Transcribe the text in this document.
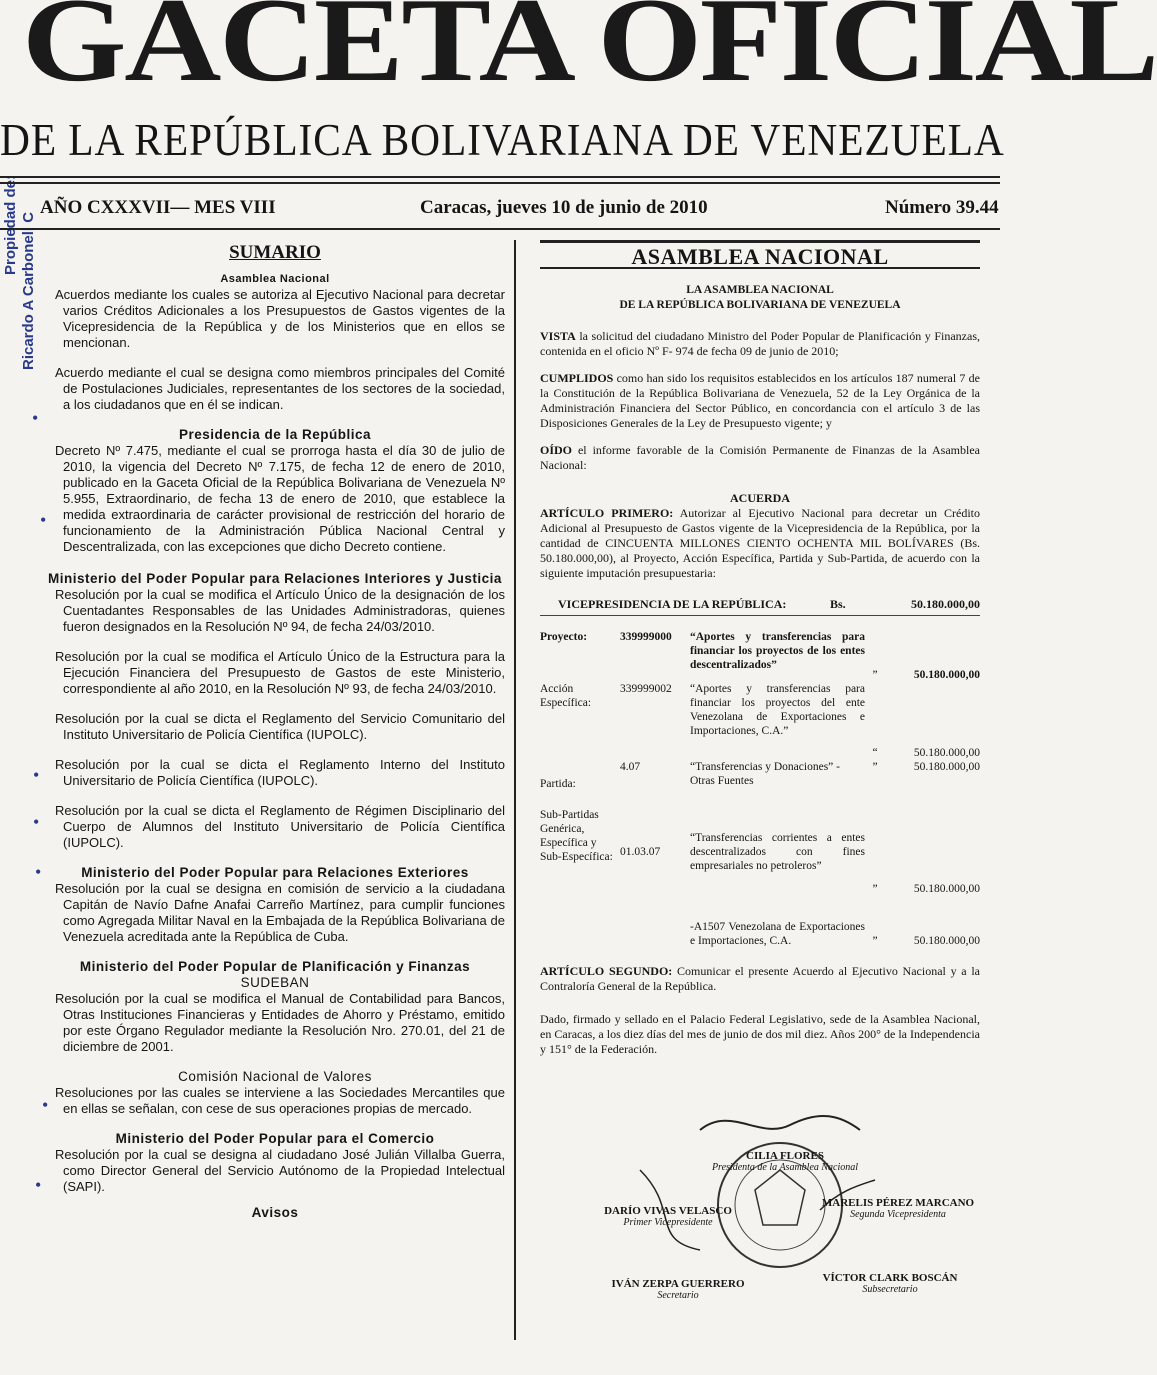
Propiedad de: Ricardo A Carbonell C
GACETA OFICIAL
DE LA REPÚBLICA BOLIVARIANA DE VENEZUELA
AÑO CXXXVII— MES VIII	Caracas, jueves 10 de junio de 2010	Número 39.44
SUMARIO
Asamblea Nacional
Acuerdos mediante los cuales se autoriza al Ejecutivo Nacional para decretar varios Créditos Adicionales a los Presupuestos de Gastos vigentes de la Vicepresidencia de la República y de los Ministerios que en ellos se mencionan.
Acuerdo mediante el cual se designa como miembros principales del Comité de Postulaciones Judiciales, representantes de los sectores de la sociedad, a los ciudadanos que en él se indican.
Presidencia de la República
Decreto Nº 7.475, mediante el cual se prorroga hasta el día 30 de julio de 2010, la vigencia del Decreto Nº 7.175, de fecha 12 de enero de 2010, publicado en la Gaceta Oficial de la República Bolivariana de Venezuela Nº 5.955, Extraordinario, de fecha 13 de enero de 2010, que establece la medida extraordinaria de carácter provisional de restricción del horario de funcionamiento de la Administración Pública Nacional Central y Descentralizada, con las excepciones que dicho Decreto contiene.
Ministerio del Poder Popular para Relaciones Interiores y Justicia
Resolución por la cual se modifica el Artículo Único de la designación de los Cuentadantes Responsables de las Unidades Administradoras, quienes fueron designados en la Resolución Nº 94, de fecha 24/03/2010.
Resolución por la cual se modifica el Artículo Único de la Estructura para la Ejecución Financiera del Presupuesto de Gastos de este Ministerio, correspondiente al año 2010, en la Resolución Nº 93, de fecha 24/03/2010.
Resolución por la cual se dicta el Reglamento del Servicio Comunitario del Instituto Universitario de Policía Científica (IUPOLC).
Resolución por la cual se dicta el Reglamento Interno del Instituto Universitario de Policía Científica (IUPOLC).
Resolución por la cual se dicta el Reglamento de Régimen Disciplinario del Cuerpo de Alumnos del Instituto Universitario de Policía Científica (IUPOLC).
Ministerio del Poder Popular para Relaciones Exteriores
Resolución por la cual se designa en comisión de servicio a la ciudadana Capitán de Navío Dafne Anafai Carreño Martínez, para cumplir funciones como Agregada Militar Naval en la Embajada de la República Bolivariana de Venezuela acreditada ante la República de Cuba.
Ministerio del Poder Popular de Planificación y Finanzas
SUDEBAN
Resolución por la cual se modifica el Manual de Contabilidad para Bancos, Otras Instituciones Financieras y Entidades de Ahorro y Préstamo, emitido por este Órgano Regulador mediante la Resolución Nro. 270.01, del 21 de diciembre de 2001.
Comisión Nacional de Valores
Resoluciones por las cuales se interviene a las Sociedades Mercantiles que en ellas se señalan, con cese de sus operaciones propias de mercado.
Ministerio del Poder Popular para el Comercio
Resolución por la cual se designa al ciudadano José Julián Villalba Guerra, como Director General del Servicio Autónomo de la Propiedad Intelectual (SAPI).
Avisos
•
•
•
•
•
•
•
ASAMBLEA NACIONAL
LA ASAMBLEA NACIONAL
DE LA REPÚBLICA BOLIVARIANA DE VENEZUELA

VISTA la solicitud del ciudadano Ministro del Poder Popular de Planificación y Finanzas, contenida en el oficio Nº F- 974 de fecha 09 de junio de 2010;

CUMPLIDOS como han sido los requisitos establecidos en los artículos 187 numeral 7 de la Constitución de la República Bolivariana de Venezuela, 52 de la Ley Orgánica de la Administración Financiera del Sector Público, en concordancia con el artículo 3 de las Disposiciones Generales de la Ley de Presupuesto vigente; y

OÍDO el informe favorable de la Comisión Permanente de Finanzas de la Asamblea Nacional:

ACUERDA

ARTÍCULO PRIMERO: Autorizar al Ejecutivo Nacional para decretar un Crédito Adicional al Presupuesto de Gastos vigente de la Vicepresidencia de la República, por la cantidad de CINCUENTA MILLONES CIENTO OCHENTA MIL BOLÍVARES (Bs. 50.180.000,00), al Proyecto, Acción Específica, Partida y Sub-Partida, de acuerdo con la siguiente imputación presupuestaria:

VICEPRESIDENCIA DE LA REPÚBLICA:	Bs.	50.180.000,00
Proyecto:	339999000	“Aportes y transferencias para financiar los proyectos de los entes descentralizados”	”	50.180.000,00
Acción Específica:	339999002	“Aportes y transferencias para financiar los proyectos del ente Venezolana de Exportaciones e Importaciones, C.A.”	“	50.180.000,00
Partida:	4.07	“Transferencias y Donaciones” - Otras Fuentes	”	50.180.000,00
Sub-Partidas Genérica, Específica y Sub-Específica:	01.03.07	“Transferencias corrientes a entes descentralizados con fines empresariales no petroleros”	”	50.180.000,00
		-A1507 Venezolana de Exportaciones e Importaciones, C.A.	”	50.180.000,00

ARTÍCULO SEGUNDO: Comunicar el presente Acuerdo al Ejecutivo Nacional y a la Contraloría General de la República.

Dado, firmado y sellado en el Palacio Federal Legislativo, sede de la Asamblea Nacional, en Caracas, a los diez días del mes de junio de dos mil diez. Años 200° de la Independencia y 151° de la Federación.

CILIA FLORES
Presidenta de la Asamblea Nacional
DARÍO VIVAS VELASCO
Primer Vicepresidente
MARELIS PÉREZ MARCANO
Segunda Vicepresidenta
IVÁN ZERPA GUERRERO
Secretario
VÍCTOR CLARK BOSCÁN
Subsecretario
